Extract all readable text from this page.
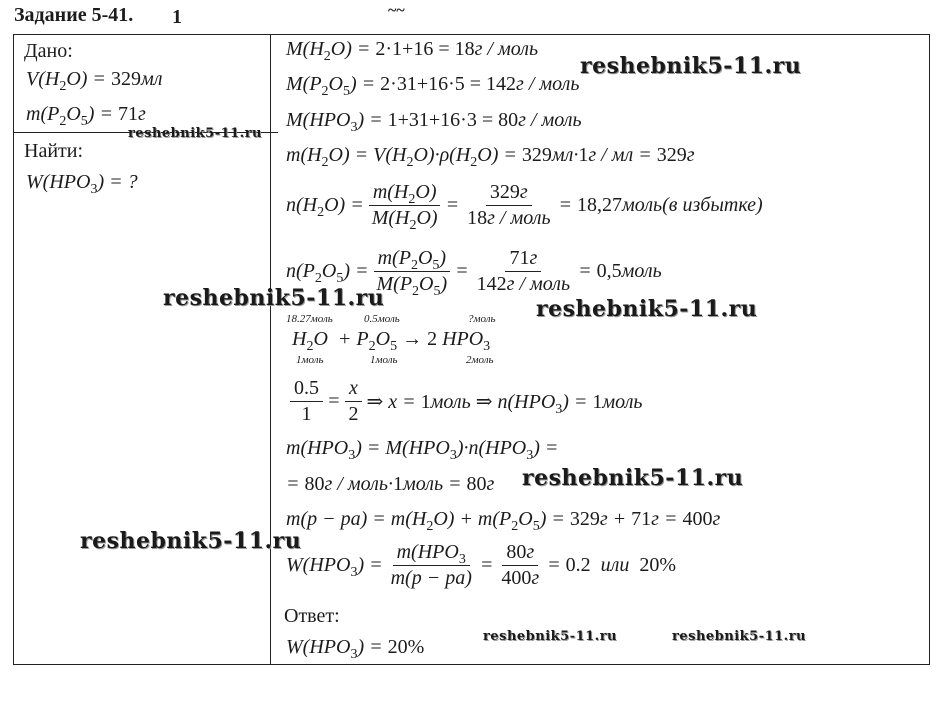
Задание 5-41. 1	~~
Дано:
$V(H_2O) = 329мл$
$m(P_2O_5) = 71г$
Найти:
$W(HPO_3)$ = ?
$M(H_2O) = 2\cdot 1+16 = 18г$ / моль
$M(P_2O_5) = 2\cdot 31+16\cdot 5 = 142г$ / моль
$M(HPO_3) = 1+31+16\cdot 3 = 80г$ / моль
$m(H_2O) = V(H_2O)\cdot\rho(H_2O) = 329мл\cdot 1г$ / мл = 329г
$n(H_2O) = \frac{m(H_2O)}{M(H_2O)} = \frac{329г}{\text{18г / моль}}$ = 18,27моль(в избытке)
$n(P_2O_5) = \frac{m(P_2O_5)}{M(P_2O_5)} = \frac{71г}{\text{142г / моль}}$ = 0,5моль
18.27моль	0.5моль	?моль
$H_2O + P_2O_5 \to 2$ $HPO_3$
1моль	1моль	2моль
$\frac{0.5}{1} = \frac{x}{2}$ ⇒ x = 1моль ⇒ $n(HPO_3)$ = 1моль
$m(HPO_3) = M(HPO_3)\cdot n(HPO_3)$ =
= 80г / моль·1моль = 80г
$m(р - ра) = m(H_2O) + m(P_2O_5) = 329г + 71г = 400г$
$W(HPO_3) = \frac{m(HPO_3}{m(р - ра)} = \frac{80г}{400г} = 0.2$  или  20%
Ответ:
$W(HPO_3) = 20\%$
reshebnik5-11.ru
reshebnik5-11.ru
reshebnik5-11.ru	reshebnik5-11.ru
reshebnik5-11.ru
reshebnik5-11.ru
reshebnik5-11.ru	reshebnik5-11.ru
